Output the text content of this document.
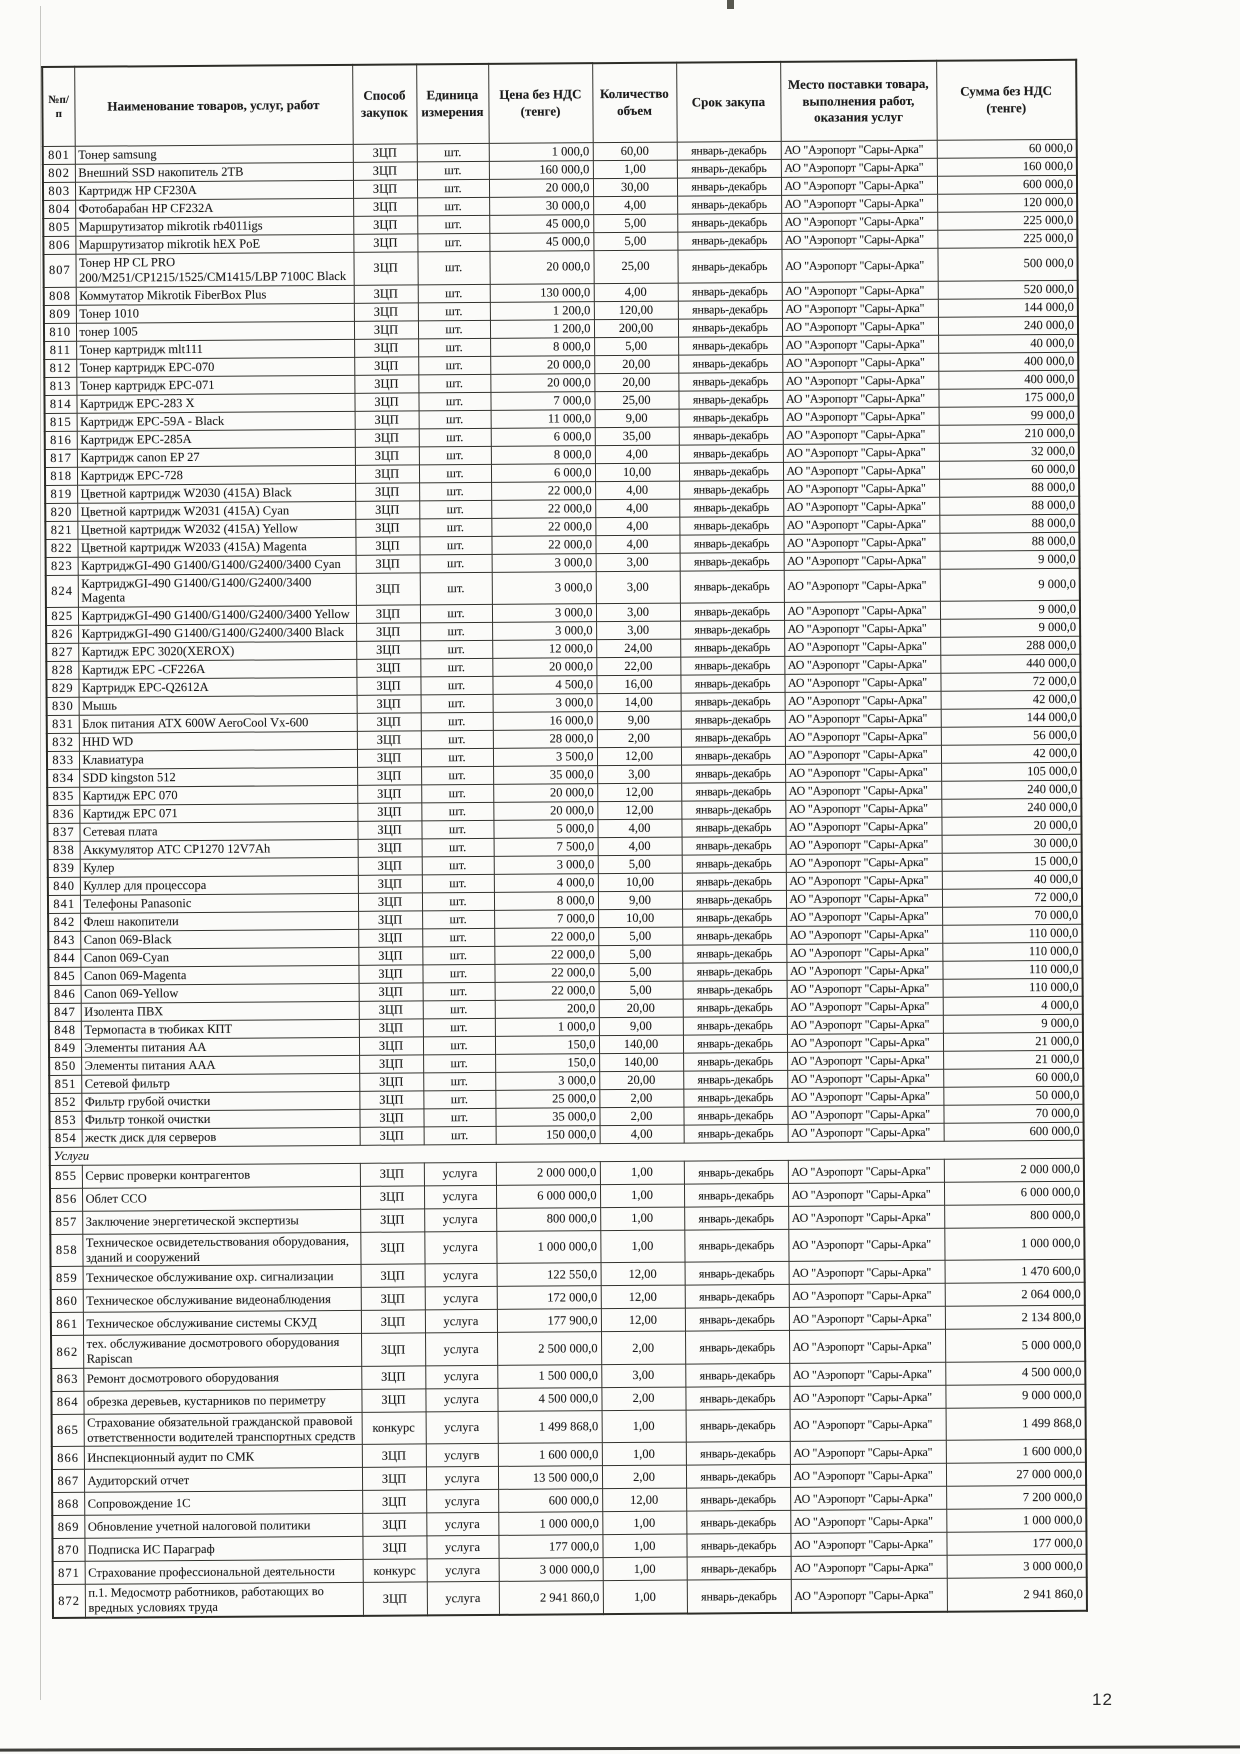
№п/п	Наименование товаров, услуг, работ	Способ закупок	Единица измерения	Цена без НДС (тенге)	Количество объем	Срок закупа	Место поставки товара, выполнения работ, оказания услуг	Сумма без НДС (тенге)
801	Тонер samsung	ЗЦП	шт.	1 000,0	60,00	январь-декабрь	АО "Аэропорт "Сары-Арка"	60 000,0
802	Внешний SSD накопитель 2TB	ЗЦП	шт.	160 000,0	1,00	январь-декабрь	АО "Аэропорт "Сары-Арка"	160 000,0
803	Картридж HP CF230A	ЗЦП	шт.	20 000,0	30,00	январь-декабрь	АО "Аэропорт "Сары-Арка"	600 000,0
804	Фотобарабан HP CF232A	ЗЦП	шт.	30 000,0	4,00	январь-декабрь	АО "Аэропорт "Сары-Арка"	120 000,0
805	Маршрутизатор mikrotik rb4011igs	ЗЦП	шт.	45 000,0	5,00	январь-декабрь	АО "Аэропорт "Сары-Арка"	225 000,0
806	Маршрутизатор mikrotik hEX PoE	ЗЦП	шт.	45 000,0	5,00	январь-декабрь	АО "Аэропорт "Сары-Арка"	225 000,0
807	Тонер HP CL PRO 200/M251/CP1215/1525/CM1415/LBP 7100C Black	ЗЦП	шт.	20 000,0	25,00	январь-декабрь	АО "Аэропорт "Сары-Арка"	500 000,0
808	Коммутатор Mikrotik FiberBox Plus	ЗЦП	шт.	130 000,0	4,00	январь-декабрь	АО "Аэропорт "Сары-Арка"	520 000,0
809	Тонер 1010	ЗЦП	шт.	1 200,0	120,00	январь-декабрь	АО "Аэропорт "Сары-Арка"	144 000,0
810	тонер 1005	ЗЦП	шт.	1 200,0	200,00	январь-декабрь	АО "Аэропорт "Сары-Арка"	240 000,0
811	Тонер картридж mlt111	ЗЦП	шт.	8 000,0	5,00	январь-декабрь	АО "Аэропорт "Сары-Арка"	40 000,0
812	Тонер картридж EPC-070	ЗЦП	шт.	20 000,0	20,00	январь-декабрь	АО "Аэропорт "Сары-Арка"	400 000,0
813	Тонер картридж EPC-071	ЗЦП	шт.	20 000,0	20,00	январь-декабрь	АО "Аэропорт "Сары-Арка"	400 000,0
814	Картридж EPC-283 X	ЗЦП	шт.	7 000,0	25,00	январь-декабрь	АО "Аэропорт "Сары-Арка"	175 000,0
815	Картридж EPC-59A - Black	ЗЦП	шт.	11 000,0	9,00	январь-декабрь	АО "Аэропорт "Сары-Арка"	99 000,0
816	Картридж EPC-285A	ЗЦП	шт.	6 000,0	35,00	январь-декабрь	АО "Аэропорт "Сары-Арка"	210 000,0
817	Картридж canon EP 27	ЗЦП	шт.	8 000,0	4,00	январь-декабрь	АО "Аэропорт "Сары-Арка"	32 000,0
818	Картридж EPC-728	ЗЦП	шт.	6 000,0	10,00	январь-декабрь	АО "Аэропорт "Сары-Арка"	60 000,0
819	Цветной картридж W2030 (415A) Black	ЗЦП	шт.	22 000,0	4,00	январь-декабрь	АО "Аэропорт "Сары-Арка"	88 000,0
820	Цветной картридж W2031 (415A) Cyan	ЗЦП	шт.	22 000,0	4,00	январь-декабрь	АО "Аэропорт "Сары-Арка"	88 000,0
821	Цветной картридж W2032 (415A) Yellow	ЗЦП	шт.	22 000,0	4,00	январь-декабрь	АО "Аэропорт "Сары-Арка"	88 000,0
822	Цветной картридж W2033 (415A) Magenta	ЗЦП	шт.	22 000,0	4,00	январь-декабрь	АО "Аэропорт "Сары-Арка"	88 000,0
823	КартриджGI-490 G1400/G1400/G2400/3400 Cyan	ЗЦП	шт.	3 000,0	3,00	январь-декабрь	АО "Аэропорт "Сары-Арка"	9 000,0
824	КартриджGI-490 G1400/G1400/G2400/3400 Magenta	ЗЦП	шт.	3 000,0	3,00	январь-декабрь	АО "Аэропорт "Сары-Арка"	9 000,0
825	КартриджGI-490 G1400/G1400/G2400/3400 Yellow	ЗЦП	шт.	3 000,0	3,00	январь-декабрь	АО "Аэропорт "Сары-Арка"	9 000,0
826	КартриджGI-490 G1400/G1400/G2400/3400 Black	ЗЦП	шт.	3 000,0	3,00	январь-декабрь	АО "Аэропорт "Сары-Арка"	9 000,0
827	Картидж EPC 3020(XEROX)	ЗЦП	шт.	12 000,0	24,00	январь-декабрь	АО "Аэропорт "Сары-Арка"	288 000,0
828	Картидж EPC -CF226A	ЗЦП	шт.	20 000,0	22,00	январь-декабрь	АО "Аэропорт "Сары-Арка"	440 000,0
829	Картридж EPC-Q2612A	ЗЦП	шт.	4 500,0	16,00	январь-декабрь	АО "Аэропорт "Сары-Арка"	72 000,0
830	Мышь	ЗЦП	шт.	3 000,0	14,00	январь-декабрь	АО "Аэропорт "Сары-Арка"	42 000,0
831	Блок питания ATX 600W AeroCool Vx-600	ЗЦП	шт.	16 000,0	9,00	январь-декабрь	АО "Аэропорт "Сары-Арка"	144 000,0
832	HHD WD	ЗЦП	шт.	28 000,0	2,00	январь-декабрь	АО "Аэропорт "Сары-Арка"	56 000,0
833	Клавиатура	ЗЦП	шт.	3 500,0	12,00	январь-декабрь	АО "Аэропорт "Сары-Арка"	42 000,0
834	SDD kingston 512	ЗЦП	шт.	35 000,0	3,00	январь-декабрь	АО "Аэропорт "Сары-Арка"	105 000,0
835	Картидж EPC 070	ЗЦП	шт.	20 000,0	12,00	январь-декабрь	АО "Аэропорт "Сары-Арка"	240 000,0
836	Картидж EPC 071	ЗЦП	шт.	20 000,0	12,00	январь-декабрь	АО "Аэропорт "Сары-Арка"	240 000,0
837	Сетевая плата	ЗЦП	шт.	5 000,0	4,00	январь-декабрь	АО "Аэропорт "Сары-Арка"	20 000,0
838	Аккумулятор АТС CP1270 12V7Ah	ЗЦП	шт.	7 500,0	4,00	январь-декабрь	АО "Аэропорт "Сары-Арка"	30 000,0
839	Кулер	ЗЦП	шт.	3 000,0	5,00	январь-декабрь	АО "Аэропорт "Сары-Арка"	15 000,0
840	Куллер для процессора	ЗЦП	шт.	4 000,0	10,00	январь-декабрь	АО "Аэропорт "Сары-Арка"	40 000,0
841	Телефоны Panasonic	ЗЦП	шт.	8 000,0	9,00	январь-декабрь	АО "Аэропорт "Сары-Арка"	72 000,0
842	Флеш накопители	ЗЦП	шт.	7 000,0	10,00	январь-декабрь	АО "Аэропорт "Сары-Арка"	70 000,0
843	Canon 069-Black	ЗЦП	шт.	22 000,0	5,00	январь-декабрь	АО "Аэропорт "Сары-Арка"	110 000,0
844	Canon 069-Cyan	ЗЦП	шт.	22 000,0	5,00	январь-декабрь	АО "Аэропорт "Сары-Арка"	110 000,0
845	Canon 069-Magenta	ЗЦП	шт.	22 000,0	5,00	январь-декабрь	АО "Аэропорт "Сары-Арка"	110 000,0
846	Canon 069-Yellow	ЗЦП	шт.	22 000,0	5,00	январь-декабрь	АО "Аэропорт "Сары-Арка"	110 000,0
847	Изолента ПВХ	ЗЦП	шт.	200,0	20,00	январь-декабрь	АО "Аэропорт "Сары-Арка"	4 000,0
848	Термопаста в тюбиках КПТ	ЗЦП	шт.	1 000,0	9,00	январь-декабрь	АО "Аэропорт "Сары-Арка"	9 000,0
849	Элементы питания АА	ЗЦП	шт.	150,0	140,00	январь-декабрь	АО "Аэропорт "Сары-Арка"	21 000,0
850	Элементы питания ААА	ЗЦП	шт.	150,0	140,00	январь-декабрь	АО "Аэропорт "Сары-Арка"	21 000,0
851	Сетевой фильтр	ЗЦП	шт.	3 000,0	20,00	январь-декабрь	АО "Аэропорт "Сары-Арка"	60 000,0
852	Фильтр грубой очистки	ЗЦП	шт.	25 000,0	2,00	январь-декабрь	АО "Аэропорт "Сары-Арка"	50 000,0
853	Фильтр тонкой очистки	ЗЦП	шт.	35 000,0	2,00	январь-декабрь	АО "Аэропорт "Сары-Арка"	70 000,0
854	жестк диск для серверов	ЗЦП	шт.	150 000,0	4,00	январь-декабрь	АО "Аэропорт "Сары-Арка"	600 000,0
Услуги								
855	Сервис проверки контрагентов	ЗЦП	услуга	2 000 000,0	1,00	январь-декабрь	АО "Аэропорт "Сары-Арка"	2 000 000,0
856	Облет ССО	ЗЦП	услуга	6 000 000,0	1,00	январь-декабрь	АО "Аэропорт "Сары-Арка"	6 000 000,0
857	Заключение энергетической экспертизы	ЗЦП	услуга	800 000,0	1,00	январь-декабрь	АО "Аэропорт "Сары-Арка"	800 000,0
858	Техническое освидетельствования оборудования, зданий и сооружений	ЗЦП	услуга	1 000 000,0	1,00	январь-декабрь	АО "Аэропорт "Сары-Арка"	1 000 000,0
859	Техническое обслуживание охр. сигнализации	ЗЦП	услуга	122 550,0	12,00	январь-декабрь	АО "Аэропорт "Сары-Арка"	1 470 600,0
860	Техническое обслуживание видеонаблюдения	ЗЦП	услуга	172 000,0	12,00	январь-декабрь	АО "Аэропорт "Сары-Арка"	2 064 000,0
861	Техническое обслуживание системы СКУД	ЗЦП	услуга	177 900,0	12,00	январь-декабрь	АО "Аэропорт "Сары-Арка"	2 134 800,0
862	тех. обслуживание досмотрового оборудования Rapiscan	ЗЦП	услуга	2 500 000,0	2,00	январь-декабрь	АО "Аэропорт "Сары-Арка"	5 000 000,0
863	Ремонт досмотрового оборудования	ЗЦП	услуга	1 500 000,0	3,00	январь-декабрь	АО "Аэропорт "Сары-Арка"	4 500 000,0
864	обрезка деревьев, кустарников по периметру	ЗЦП	услуга	4 500 000,0	2,00	январь-декабрь	АО "Аэропорт "Сары-Арка"	9 000 000,0
865	Страхование обязательной гражданской правовой ответственности водителей транспортных средств	конкурс	услуга	1 499 868,0	1,00	январь-декабрь	АО "Аэропорт "Сары-Арка"	1 499 868,0
866	Инспекционный аудит по СМК	ЗЦП	услугв	1 600 000,0	1,00	январь-декабрь	АО "Аэропорт "Сары-Арка"	1 600 000,0
867	Аудиторский отчет	ЗЦП	услуга	13 500 000,0	2,00	январь-декабрь	АО "Аэропорт "Сары-Арка"	27 000 000,0
868	Сопровождение 1С	ЗЦП	услуга	600 000,0	12,00	январь-декабрь	АО "Аэропорт "Сары-Арка"	7 200 000,0
869	Обновление учетной налоговой политики	ЗЦП	услуга	1 000 000,0	1,00	январь-декабрь	АО "Аэропорт "Сары-Арка"	1 000 000,0
870	Подписка ИС Параграф	ЗЦП	услуга	177 000,0	1,00	январь-декабрь	АО "Аэропорт "Сары-Арка"	177 000,0
871	Страхование профессиональной деятельности	конкурс	услуга	3 000 000,0	1,00	январь-декабрь	АО "Аэропорт "Сары-Арка"	3 000 000,0
872	п.1. Медосмотр работников, работающих во вредных условиях труда	ЗЦП	услуга	2 941 860,0	1,00	январь-декабрь	АО "Аэропорт "Сары-Арка"	2 941 860,0
12
